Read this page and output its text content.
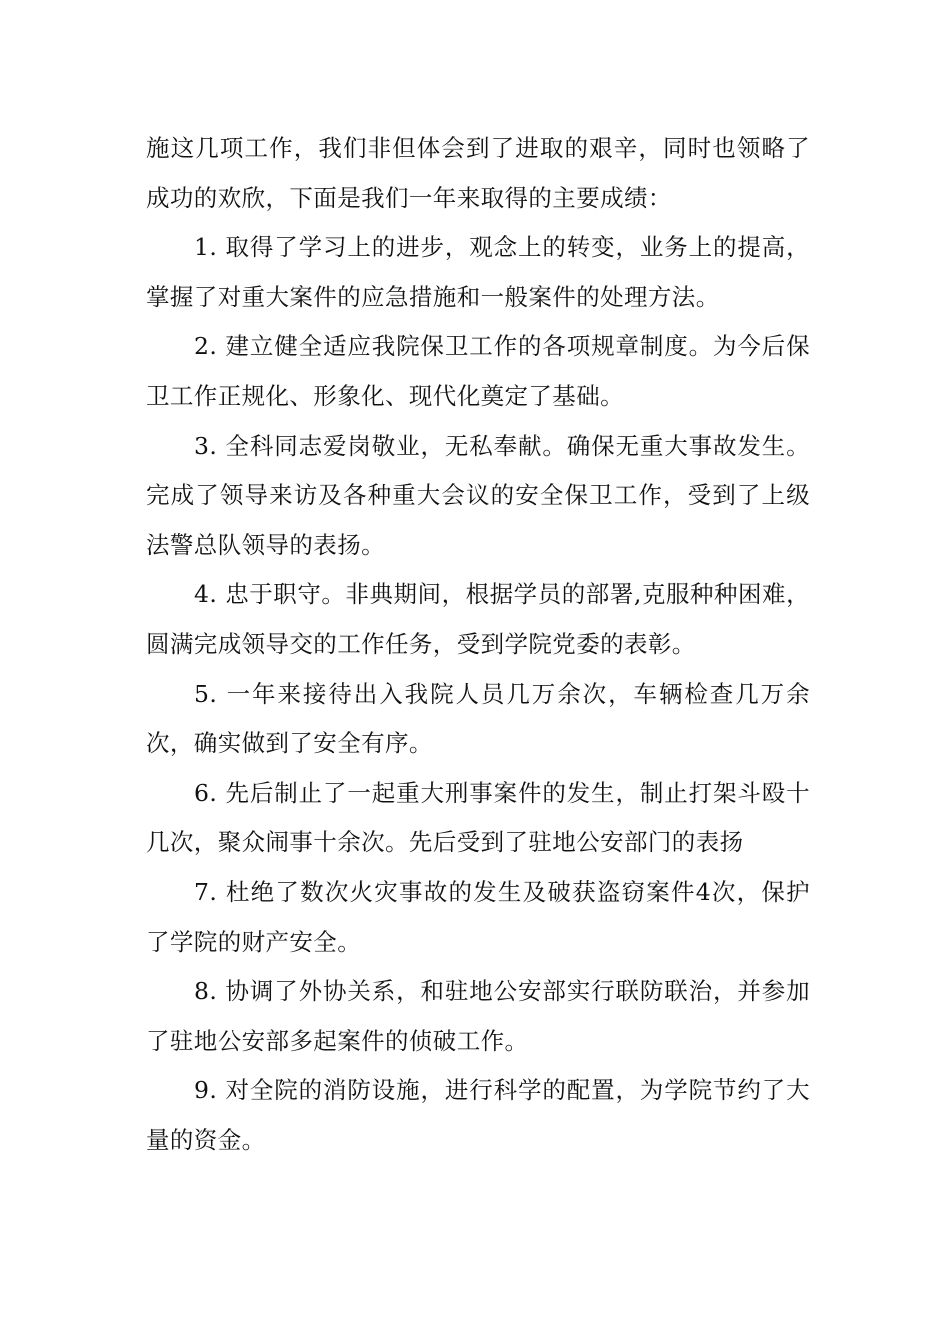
施这几项工作，我们非但体会到了进取的艰辛，同时也领略了成功的欢欣，下面是我们一年来取得的主要成绩：

1. 取得了学习上的进步，观念上的转变，业务上的提高，掌握了对重大案件的应急措施和一般案件的处理方法。

2. 建立健全适应我院保卫工作的各项规章制度。为今后保卫工作正规化、形象化、现代化奠定了基础。

3. 全科同志爱岗敬业，无私奉献。确保无重大事故发生。完成了领导来访及各种重大会议的安全保卫工作，受到了上级法警总队领导的表扬。

4. 忠于职守。非典期间，根据学员的部署,克服种种困难，圆满完成领导交的工作任务，受到学院党委的表彰。

5. 一年来接待出入我院人员几万余次，车辆检查几万余次，确实做到了安全有序。

6. 先后制止了一起重大刑事案件的发生，制止打架斗殴十几次，聚众闹事十余次。先后受到了驻地公安部门的表扬

7. 杜绝了数次火灾事故的发生及破获盗窃案件4次，保护了学院的财产安全。

8. 协调了外协关系，和驻地公安部实行联防联治，并参加了驻地公安部多起案件的侦破工作。

9. 对全院的消防设施，进行科学的配置，为学院节约了大量的资金。
